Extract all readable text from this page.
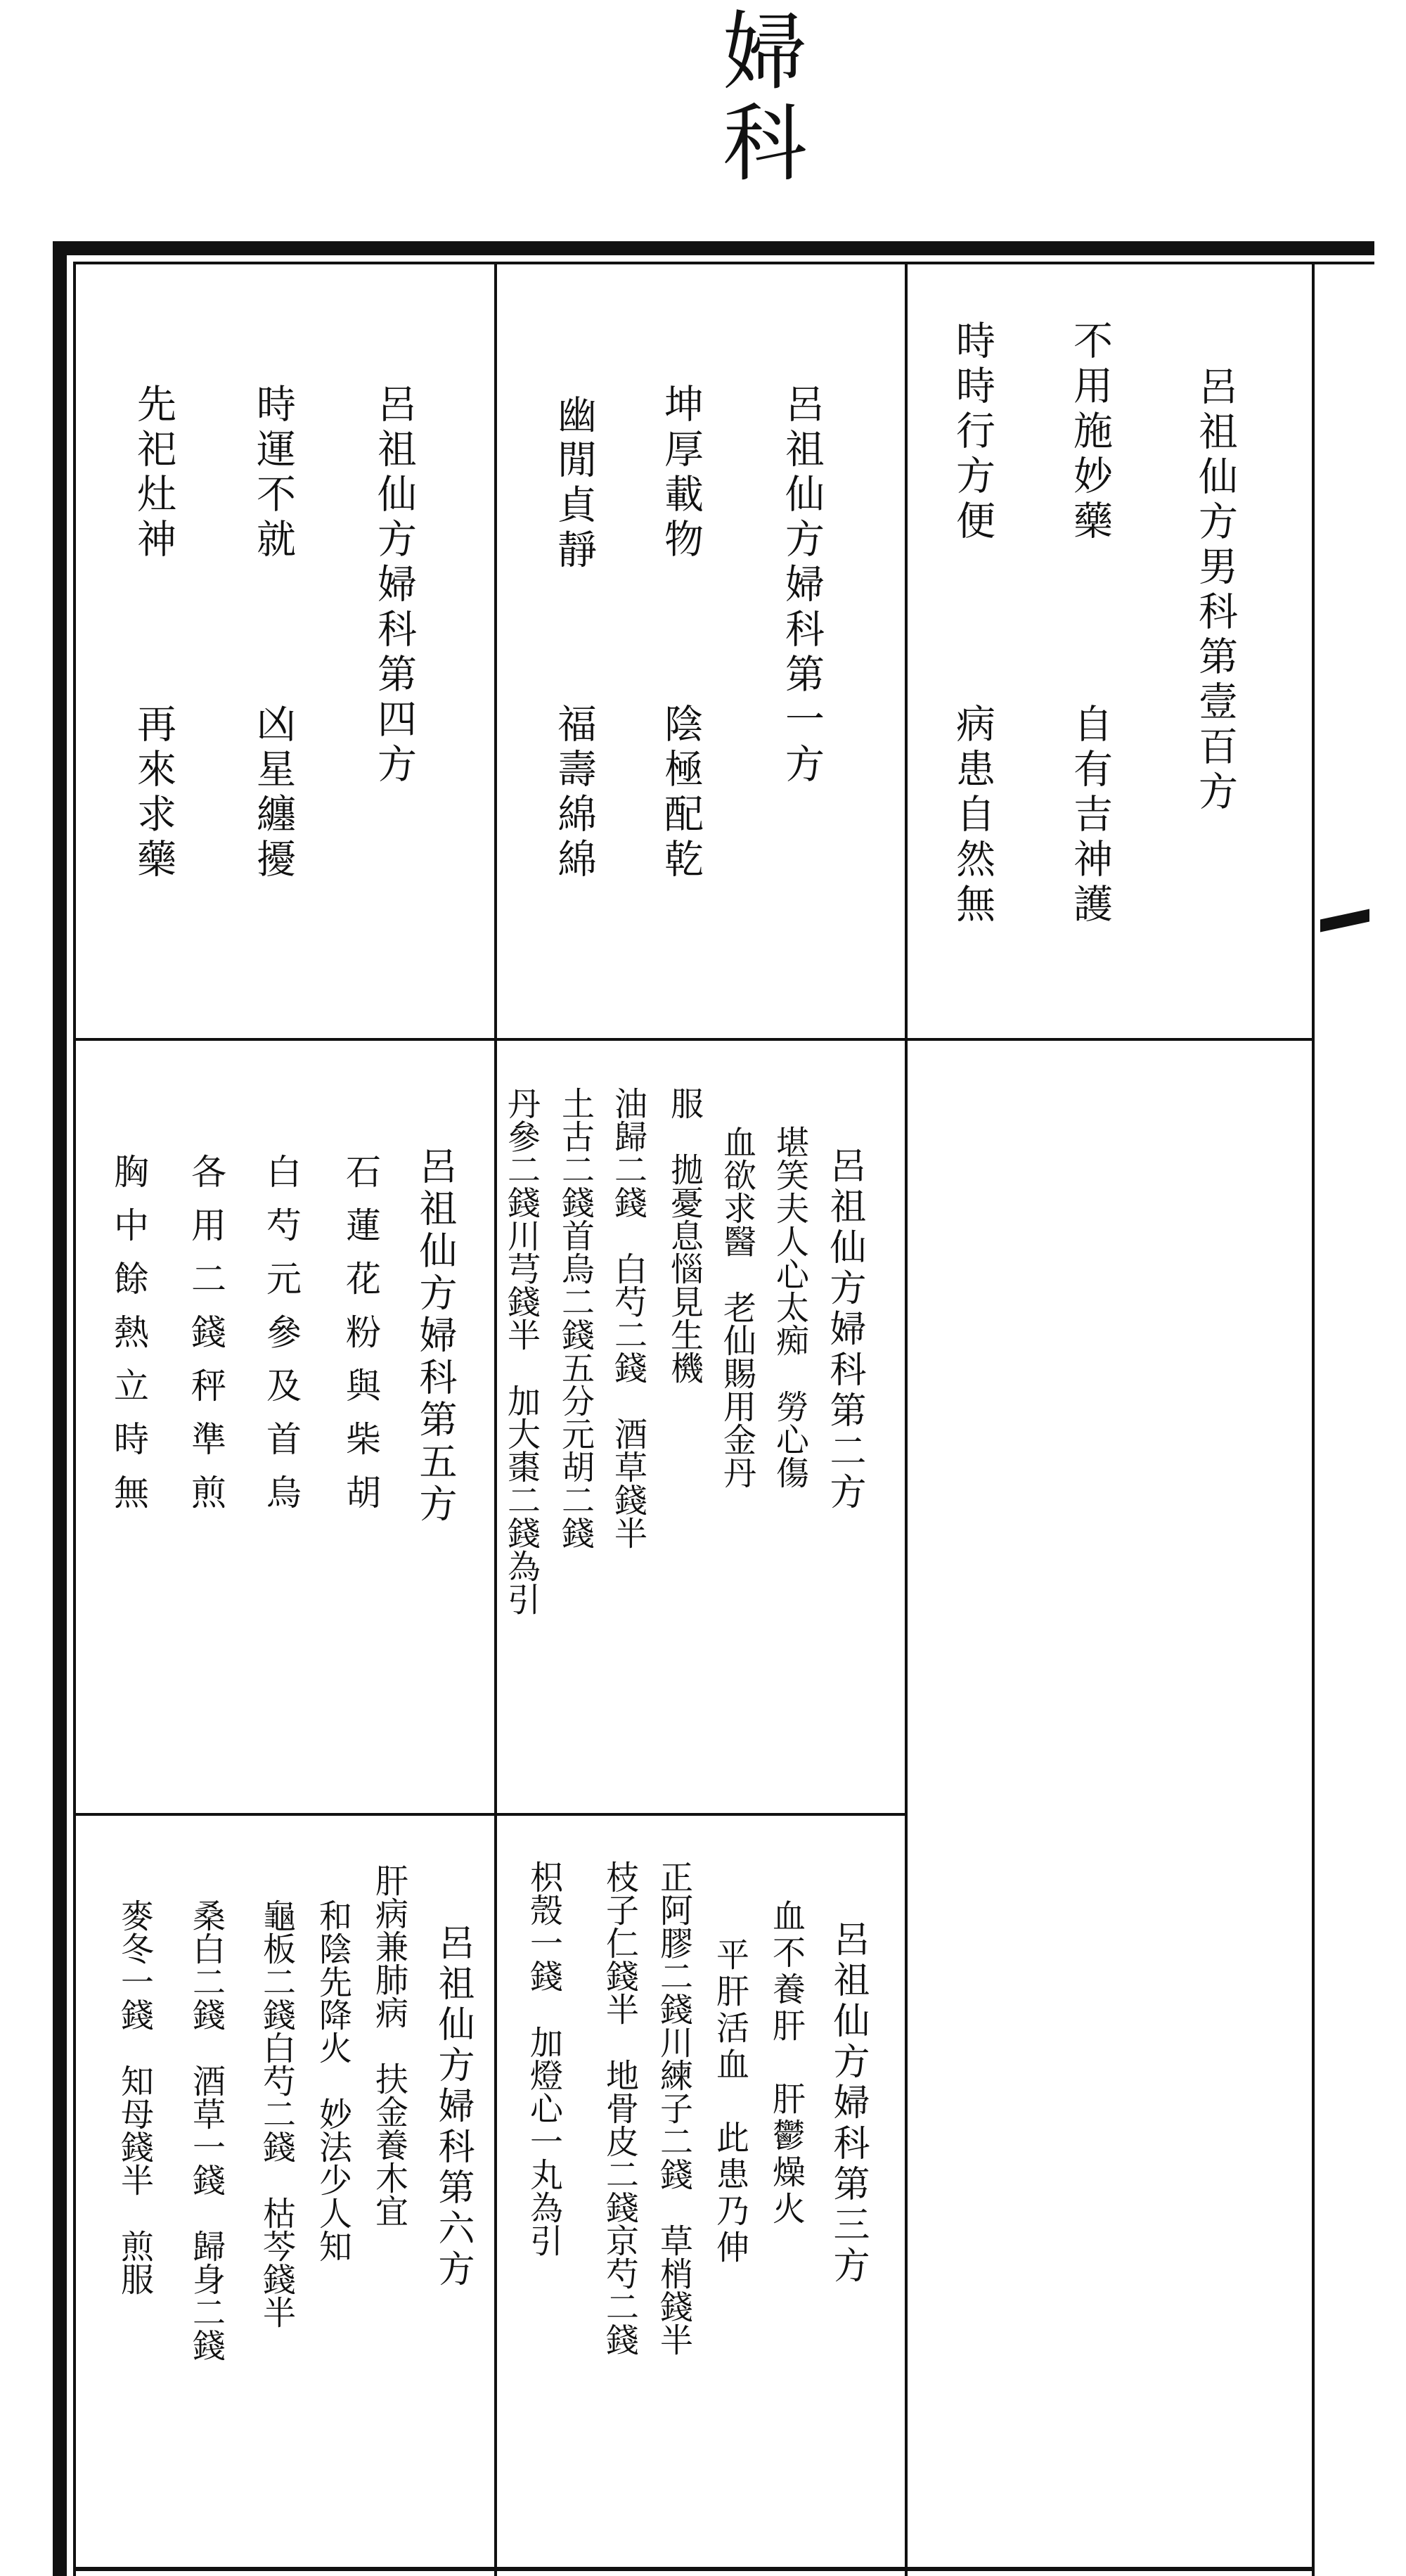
婦科
呂祖仙方男科第壹百方
不用施妙藥
自有吉神護
時時行方便
病患自然無
呂祖仙方婦科第一方
坤厚載物
陰極配乾
幽閒貞靜
福壽綿綿
呂祖仙方婦科第四方
時運不就
凶星纏擾
先祀灶神
再來求藥
呂祖仙方婦科第二方
堪笑夫人心太痴　勞心傷
血欲求醫　老仙賜用金丹
服　拋憂息惱見生機
油歸二錢　白芍二錢　酒草錢半
土古二錢首烏二錢五分元胡二錢
丹參二錢川芎錢半　加大棗二錢為引
呂祖仙方婦科第五方
石蓮花粉與柴胡
白芍元參及首烏
各用二錢秤準煎
胸中餘熱立時無
呂祖仙方婦科第三方
血不養肝　肝鬱燥火
平肝活血　此患乃伸
正阿膠二錢川練子二錢　草梢錢半
枝子仁錢半　地骨皮二錢京芍二錢
枳殼一錢　加燈心一丸為引
呂祖仙方婦科第六方
肝病兼肺病　扶金養木宜
和陰先降火　妙法少人知
龜板二錢白芍二錢　枯芩錢半
桑白二錢　酒草一錢　歸身二錢
麥冬一錢　知母錢半　煎服
